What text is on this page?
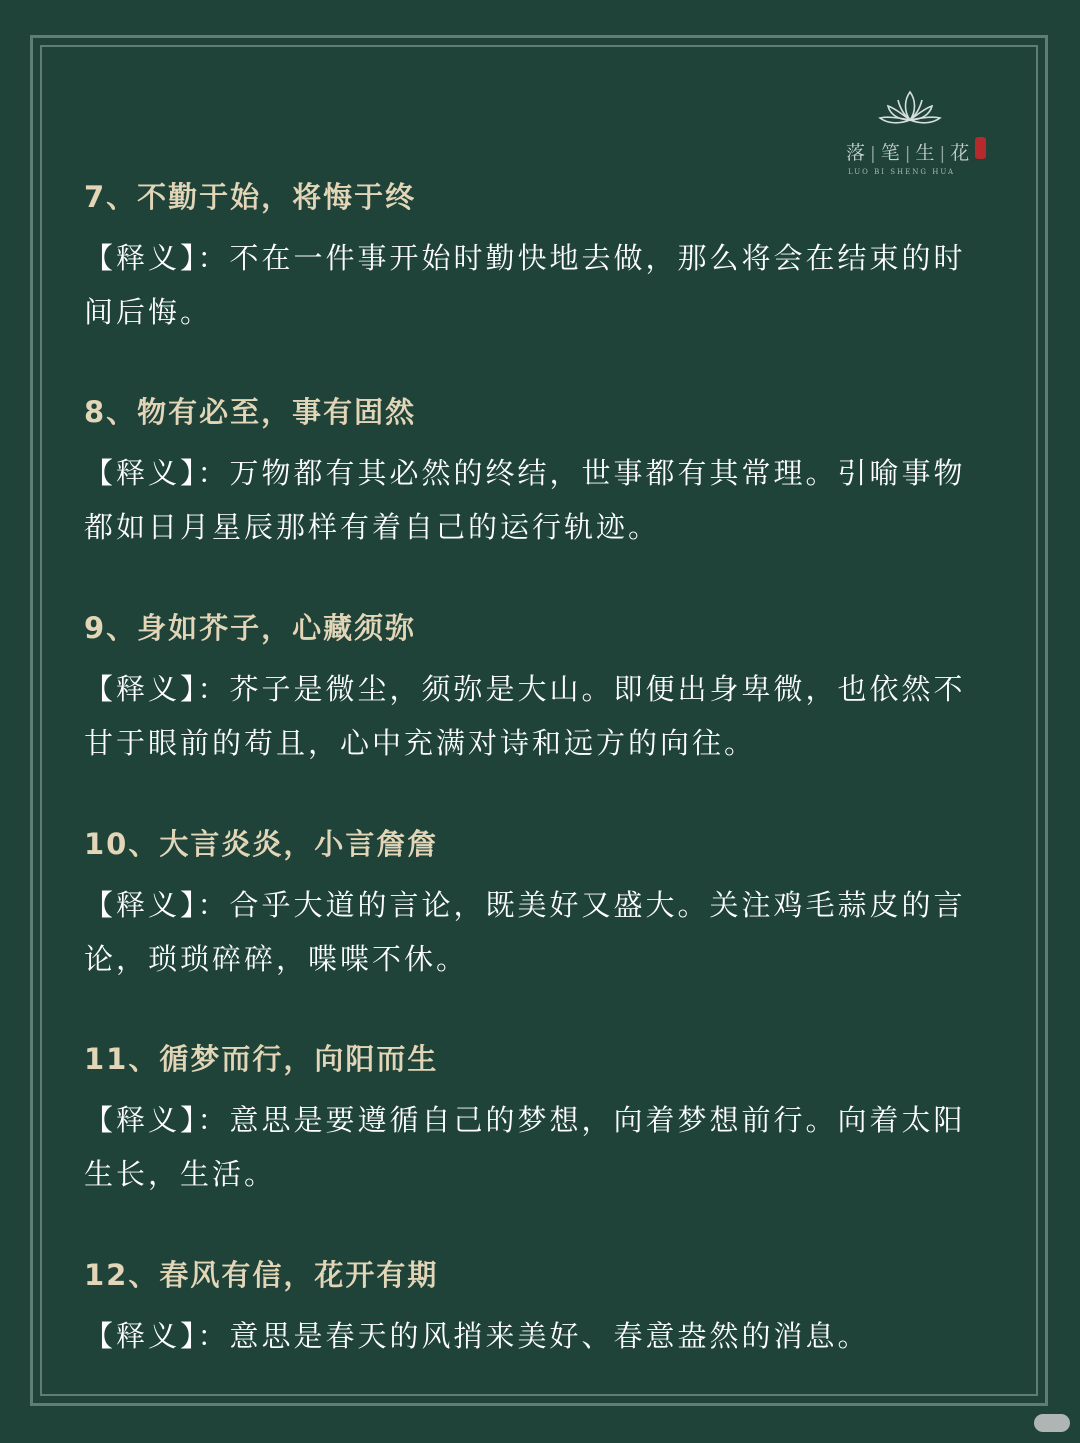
落 | 笔 | 生 | 花
LUO BI SHENG HUA
7、不勤于始，将悔于终
【释义】：不在一件事开始时勤快地去做，那么将会在结束的时间后悔。
8、物有必至，事有固然
【释义】：万物都有其必然的终结，世事都有其常理。引喻事物都如日月星辰那样有着自己的运行轨迹。
9、身如芥子，心藏须弥
【释义】：芥子是微尘，须弥是大山。即便出身卑微，也依然不甘于眼前的苟且，心中充满对诗和远方的向往。
10、大言炎炎，小言詹詹
【释义】：合乎大道的言论，既美好又盛大。关注鸡毛蒜皮的言论，琐琐碎碎，喋喋不休。
11、循梦而行，向阳而生
【释义】：意思是要遵循自己的梦想，向着梦想前行。向着太阳生长，生活。
12、春风有信，花开有期
【释义】：意思是春天的风捎来美好、春意盎然的消息。
